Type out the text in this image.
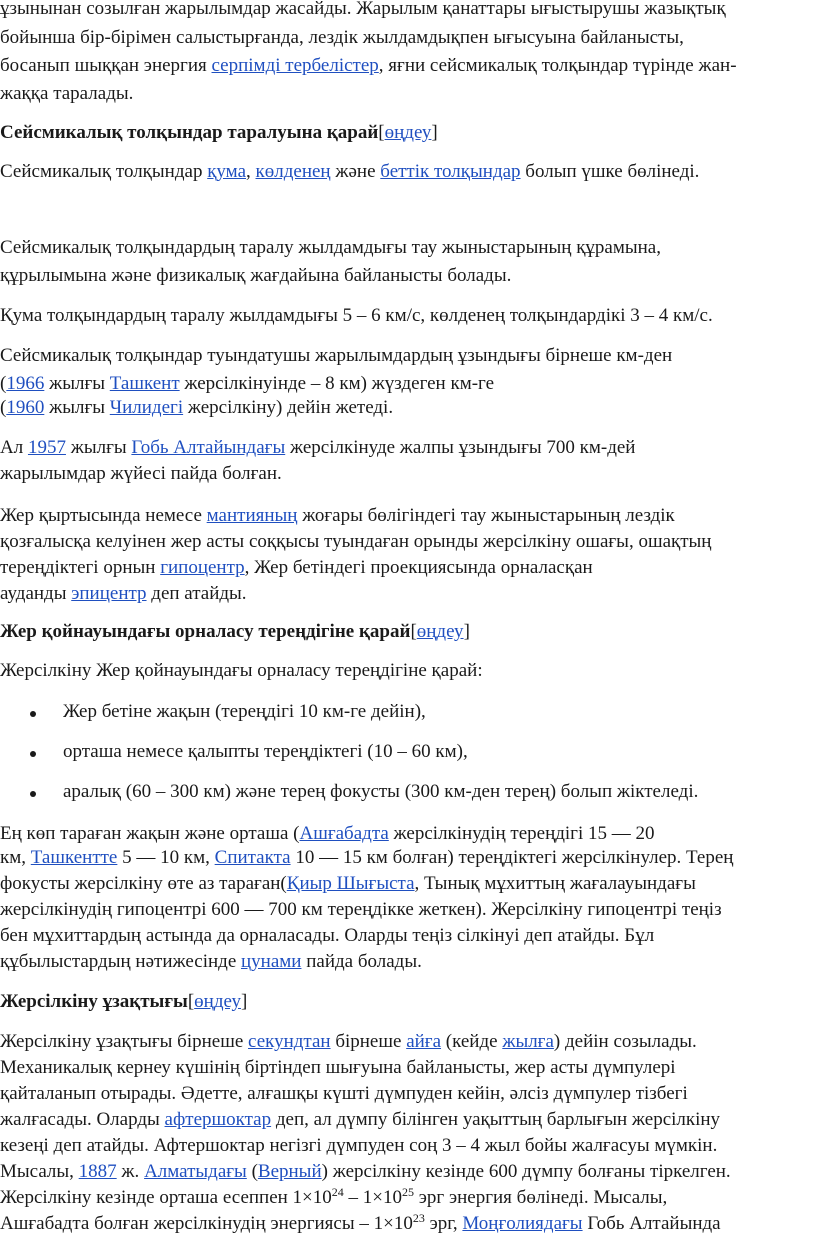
ұзынынан созылған жарылымдар жасайды. Жарылым қанаттары ығыстырушы жазықтық
бойынша бір-бірімен салыстырғанда, лездік жылдамдықпен ығысуына байланысты,
босанып шыққан энергия серпімді тербелістер, яғни сейсмикалық толқындар түрінде жан-
жаққа таралады.
Сейсмикалық толқындар таралуына қарай[өңдеу]
Сейсмикалық толқындар қума, көлденең және беттік толқындар болып үшке бөлінеді.
Сейсмикалық толқындардың таралу жылдамдығы тау жыныстарының құрамына,
құрылымына және физикалық жағдайына байланысты болады.
Қума толқындардың таралу жылдамдығы 5 – 6 км/с, көлденең толқындардікі 3 – 4 км/с.
Сейсмикалық толқындар туындатушы жарылымдардың ұзындығы бірнеше км-ден
(1966 жылғы Ташкент жерсілкінуінде – 8 км) жүздеген км-ге
(1960 жылғы Чилидегі жерсілкіну) дейін жетеді.
Ал 1957 жылғы Гобь Алтайындағы жерсілкінуде жалпы ұзындығы 700 км-дей
жарылымдар жүйесі пайда болған.
Жер қыртысында немесе мантияның жоғары бөлігіндегі тау жыныстарының лездік
қозғалысқа келуінен жер асты соққысы туындаған орынды жерсілкіну ошағы, ошақтың
тереңдіктегі орнын гипоцентр, Жер бетіндегі проекциясында орналасқан
ауданды эпицентр деп атайды.
Жер қойнауындағы орналасу тереңдігіне қарай[өңдеу]
Жерсілкіну Жер қойнауындағы орналасу тереңдігіне қарай:
Жер бетіне жақын (тереңдігі 10 км-ге дейін),
орташа немесе қалыпты тереңдіктегі (10 – 60 км),
аралық (60 – 300 км) және терең фокусты (300 км-ден терең) болып жіктеледі.
Ең көп тараған жақын және орташа (Ашғабадта жерсілкінудің тереңдігі 15 — 20
км, Ташкентте 5 — 10 км, Спитакта 10 — 15 км болған) тереңдіктегі жерсілкінулер. Терең
фокусты жерсілкіну өте аз тараған(Қиыр Шығыста, Тынық мұхиттың жағалауындағы
жерсілкінудің гипоцентрі 600 — 700 км тереңдікке жеткен). Жерсілкіну гипоцентрі теңіз
бен мұхиттардың астында да орналасады. Оларды теңіз сілкінуі деп атайды. Бұл
құбылыстардың нәтижесінде цунами пайда болады.
Жерсілкіну ұзақтығы[өңдеу]
Жерсілкіну ұзақтығы бірнеше секундтан бірнеше айға (кейде жылға) дейін созылады.
Механикалық кернеу күшінің біртіндеп шығуына байланысты, жер асты дүмпулері
қайталанып отырады. Әдетте, алғашқы күшті дүмпуден кейін, әлсіз дүмпулер тізбегі
жалғасады. Оларды афтершоктар деп, ал дүмпу білінген уақыттың барлығын жерсілкіну
кезеңі деп атайды. Афтершоктар негізгі дүмпуден соң 3 – 4 жыл бойы жалғасуы мүмкін.
Мысалы, 1887 ж. Алматыдағы (Верный) жерсілкіну кезінде 600 дүмпу болғаны тіркелген.
Жерсілкіну кезінде орташа есеппен $1\times 10^{24} - 1\times 10^{25}$ эрг энергия бөлінеді. Мысалы,
Ашғабадта болған жерсілкінудің энергиясы – $1\times 10^{23}$ эрг, Моңғолиядағы Гобь Алтайында
